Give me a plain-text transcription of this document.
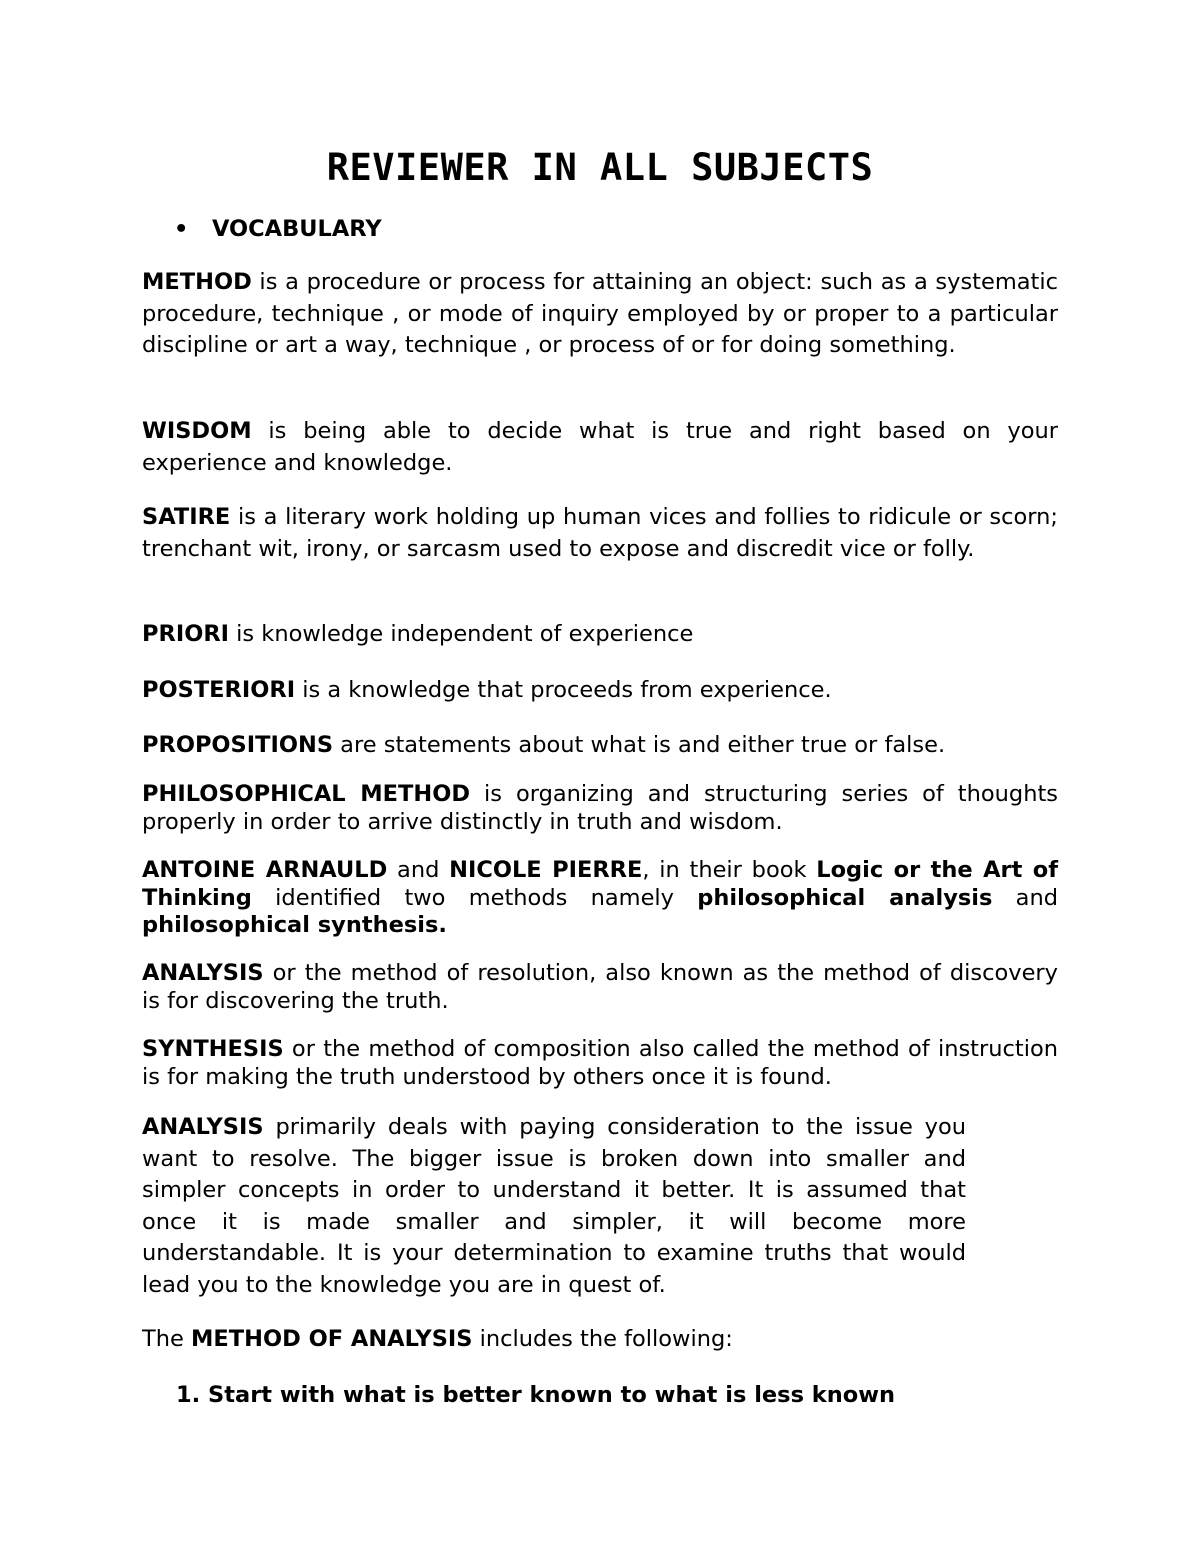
REVIEWER IN ALL SUBJECTS
• VOCABULARY

METHOD is a procedure or process for attaining an object: such as a systematic procedure, technique , or mode of inquiry employed by or proper to a particular discipline or art a way, technique , or process of or for doing something.

WISDOM is being able to decide what is true and right based on your experience and knowledge.

SATIRE is a literary work holding up human vices and follies to ridicule or scorn; trenchant wit, irony, or sarcasm used to expose and discredit vice or folly.

PRIORI is knowledge independent of experience

POSTERIORI is a knowledge that proceeds from experience.

PROPOSITIONS are statements about what is and either true or false.

PHILOSOPHICAL METHOD is organizing and structuring series of thoughts properly in order to arrive distinctly in truth and wisdom.

ANTOINE ARNAULD and NICOLE PIERRE, in their book Logic or the Art of Thinking identified two methods namely philosophical analysis and philosophical synthesis.

ANALYSIS or the method of resolution, also known as the method of discovery is for discovering the truth.

SYNTHESIS or the method of composition also called the method of instruction is for making the truth understood by others once it is found.

ANALYSIS primarily deals with paying consideration to the issue you want to resolve. The bigger issue is broken down into smaller and simpler concepts in order to understand it better. It is assumed that once it is made smaller and simpler, it will become more understandable. It is your determination to examine truths that would lead you to the knowledge you are in quest of.

The METHOD OF ANALYSIS includes the following:

1. Start with what is better known to what is less known
